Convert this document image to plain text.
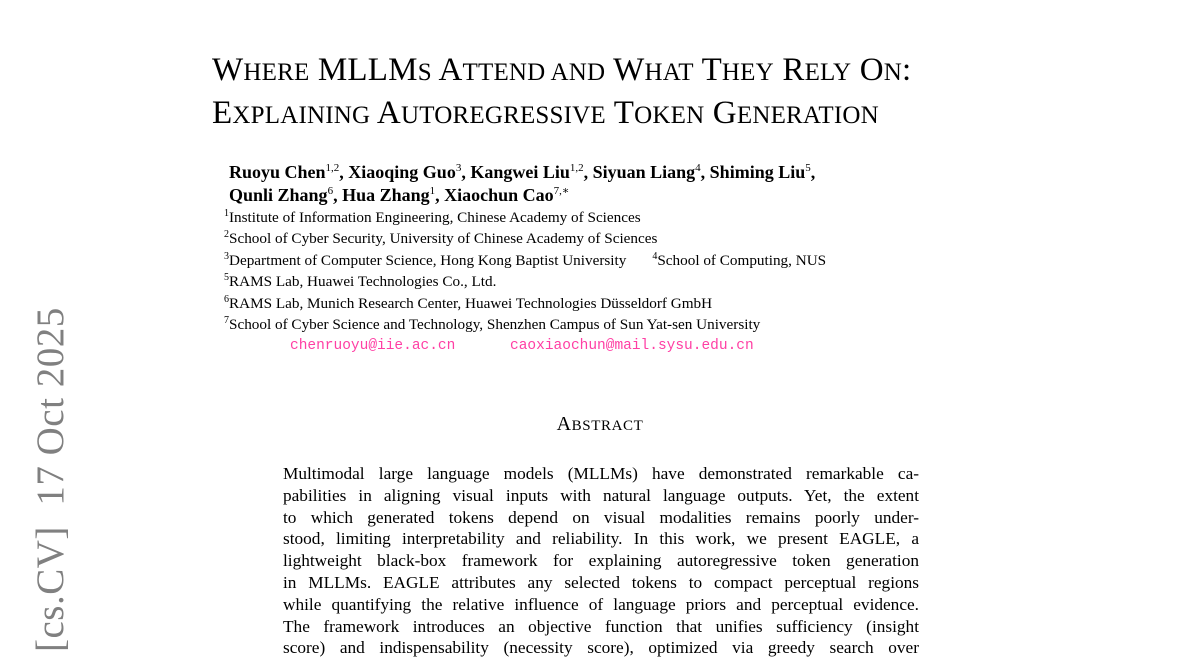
[cs.CV]  17 Oct 2025
WHERE MLLMS ATTEND AND WHAT THEY RELY ON:
EXPLAINING AUTOREGRESSIVE TOKEN GENERATION
Ruoyu Chen$^{1,2}$, Xiaoqing Guo$^3$, Kangwei Liu$^{1,2}$, Siyuan Liang$^4$, Shiming Liu$^5$,
Qunli Zhang$^6$, Hua Zhang$^1$, Xiaochun Cao$^{7,∗}$
$^1$Institute of Information Engineering, Chinese Academy of Sciences
$^2$School of Cyber Security, University of Chinese Academy of Sciences
$^3$Department of Computer Science, Hong Kong Baptist University	$^4$School of Computing, NUS
$^5$RAMS Lab, Huawei Technologies Co., Ltd.
$^6$RAMS Lab, Munich Research Center, Huawei Technologies Düsseldorf GmbH
$^7$School of Cyber Science and Technology, Shenzhen Campus of Sun Yat-sen University
chenruoyu@iie.ac.cn	caoxiaochun@mail.sysu.edu.cn
ABSTRACT
Multimodal large language models (MLLMs) have demonstrated remarkable ca-
pabilities in aligning visual inputs with natural language outputs. Yet, the extent
to which generated tokens depend on visual modalities remains poorly under-
stood, limiting interpretability and reliability. In this work, we present EAGLE, a
lightweight black-box framework for explaining autoregressive token generation
in MLLMs. EAGLE attributes any selected tokens to compact perceptual regions
while quantifying the relative influence of language priors and perceptual evidence.
The framework introduces an objective function that unifies sufficiency (insight
score) and indispensability (necessity score), optimized via greedy search over
